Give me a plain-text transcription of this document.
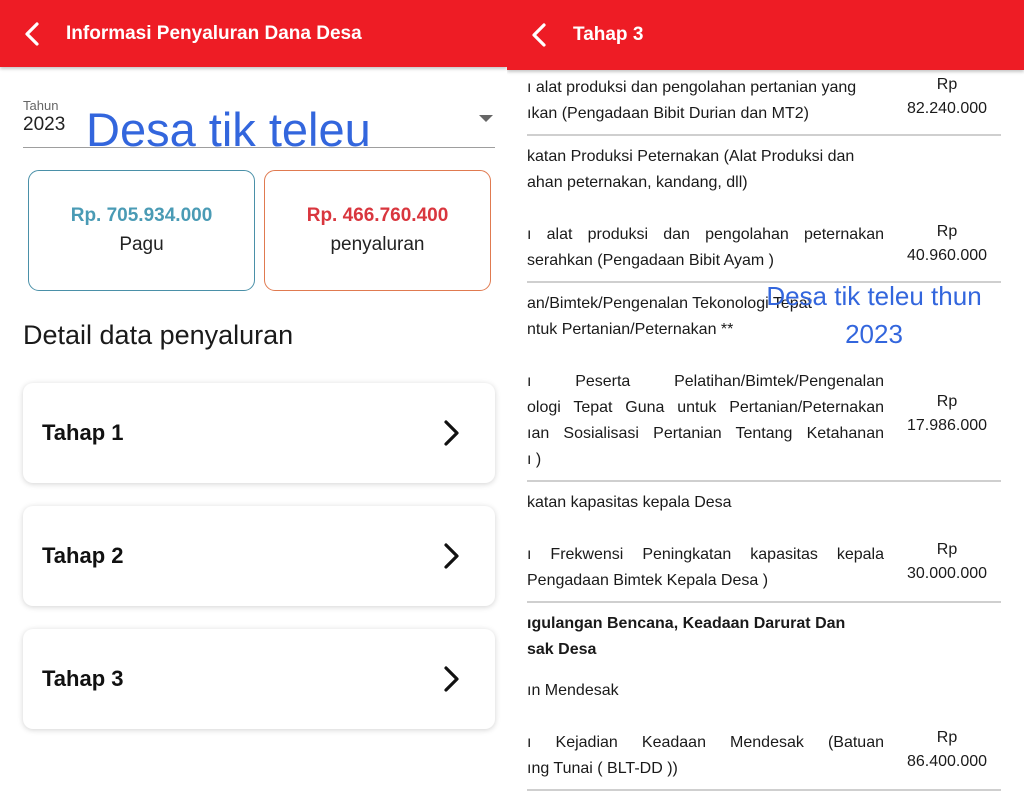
Informasi Penyaluran Dana Desa
Tahun
2023 Desa tik teleu
Rp. 705.934.000
Pagu
Rp. 466.760.400
penyaluran
Detail data penyaluran
Tahap 1
Tahap 2
Tahap 3
Tahap 3
ı alat produksi dan pengolahan pertanian yang
ıkan (Pengadaan Bibit Durian dan MT2)
Rp
82.240.000
katan Produksi Peternakan (Alat Produksi dan
ahan peternakan, kandang, dll)
ı alat produksi dan pengolahan peternakan
serahkan (Pengadaan Bibit Ayam )
Rp
40.960.000
an/Bimtek/Pengenalan Tekonologi Tepat
ntuk Pertanian/Peternakan **
Desa tik teleu thun
2023
ı Peserta Pelatihan/Bimtek/Pengenalan
ologi Tepat Guna untuk Pertanian/Peternakan
ıan Sosialisasi Pertanian Tentang Ketahanan
ı )
Rp
17.986.000
katan kapasitas kepala Desa
ı Frekwensi Peningkatan kapasitas kepala
Pengadaan Bimtek Kepala Desa )
Rp
30.000.000
ıgulangan Bencana, Keadaan Darurat Dan
sak Desa
ın Mendesak
ı Kejadian Keadaan Mendesak (Batuan
ıng Tunai ( BLT-DD ))
Rp
86.400.000
